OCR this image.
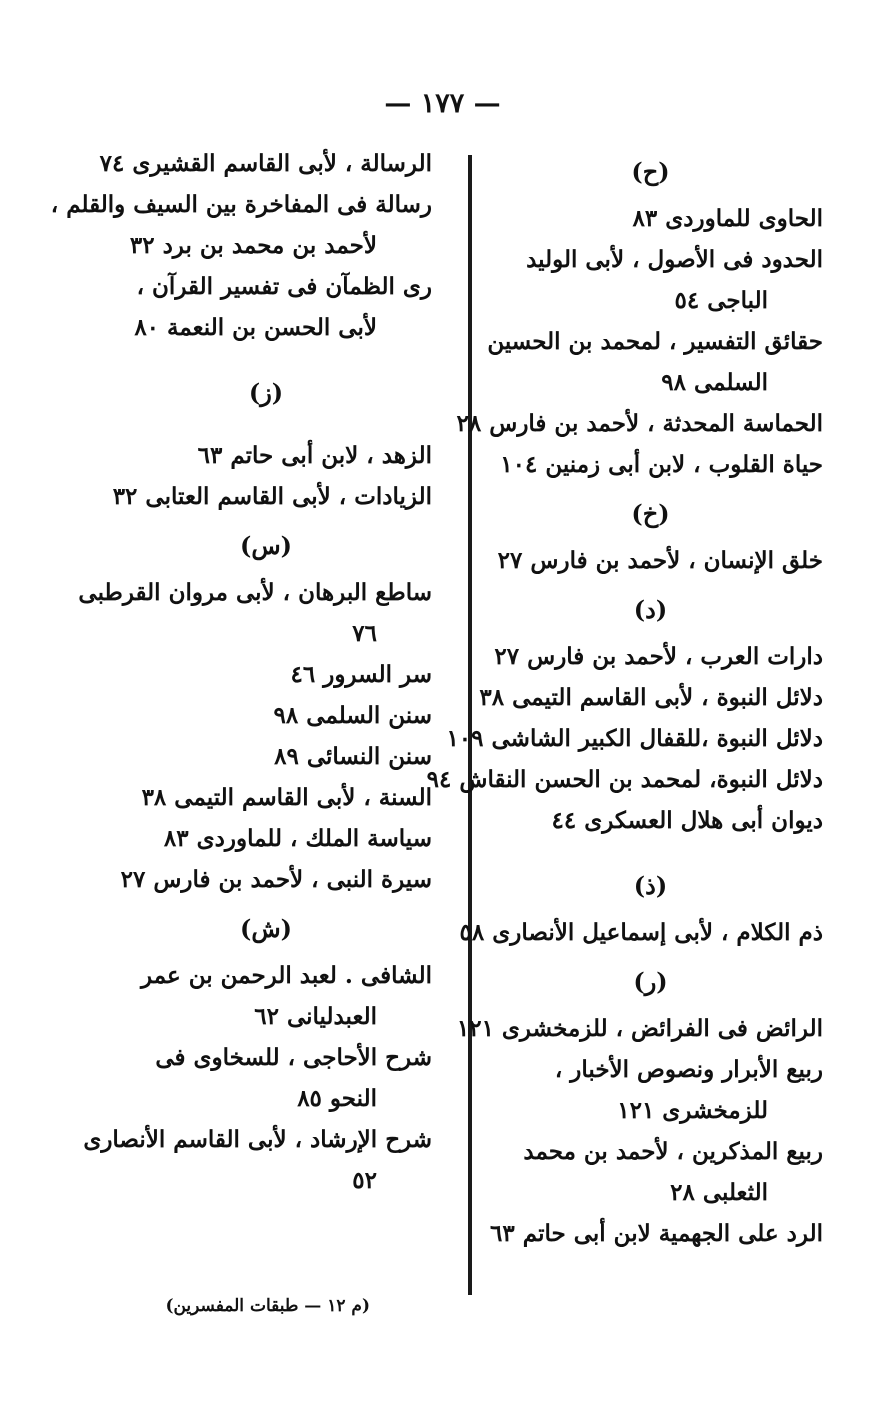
— ١٧٧ —
(ح)
الحاوى للماوردى ٨٣
الحدود فى الأصول ، لأبى الوليد
الباجى ٥٤
حقائق التفسير ، لمحمد بن الحسين
السلمى ٩٨
الحماسة المحدثة ، لأحمد بن فارس ٢٨
حياة القلوب ، لابن أبى زمنين ١٠٤
(خ)
خلق الإنسان ، لأحمد بن فارس ٢٧
(د)
دارات العرب ، لأحمد بن فارس ٢٧
دلائل النبوة ، لأبى القاسم التيمى ٣٨
دلائل النبوة ،للقفال الكبير الشاشى ١٠٩
دلائل النبوة، لمحمد بن الحسن النقاش ٩٤
ديوان أبى هلال العسكرى ٤٤
(ذ)
ذم الكلام ، لأبى إسماعيل الأنصارى ٥٨
(ر)
الرائض فى الفرائض ، للزمخشرى ١٢١
ربيع الأبرار ونصوص الأخبار ،
للزمخشرى ١٢١
ربيع المذكرين ، لأحمد بن محمد
الثعلبى ٢٨
الرد على الجهمية لابن أبى حاتم ٦٣
الرسالة ، لأبى القاسم القشيرى ٧٤
رسالة فى المفاخرة بين السيف والقلم ،
لأحمد بن محمد بن برد ٣٢
رى الظمآن فى تفسير القرآن ،
لأبى الحسن بن النعمة ٨٠
(ز)
الزهد ، لابن أبى حاتم ٦٣
الزيادات ، لأبى القاسم العتابى ٣٢
(س)
ساطع البرهان ، لأبى مروان القرطبى
٧٦
سر السرور ٤٦
سنن السلمى ٩٨
سنن النسائى ٨٩
السنة ، لأبى القاسم التيمى ٣٨
سياسة الملك ، للماوردى ٨٣
سيرة النبى ، لأحمد بن فارس ٢٧
(ش)
الشافى . لعبد الرحمن بن عمر
العبدليانى ٦٢
شرح الأحاجى ، للسخاوى فى
النحو ٨٥
شرح الإرشاد ، لأبى القاسم الأنصارى
٥٢
(م ١٢ — طبقات المفسرين)
